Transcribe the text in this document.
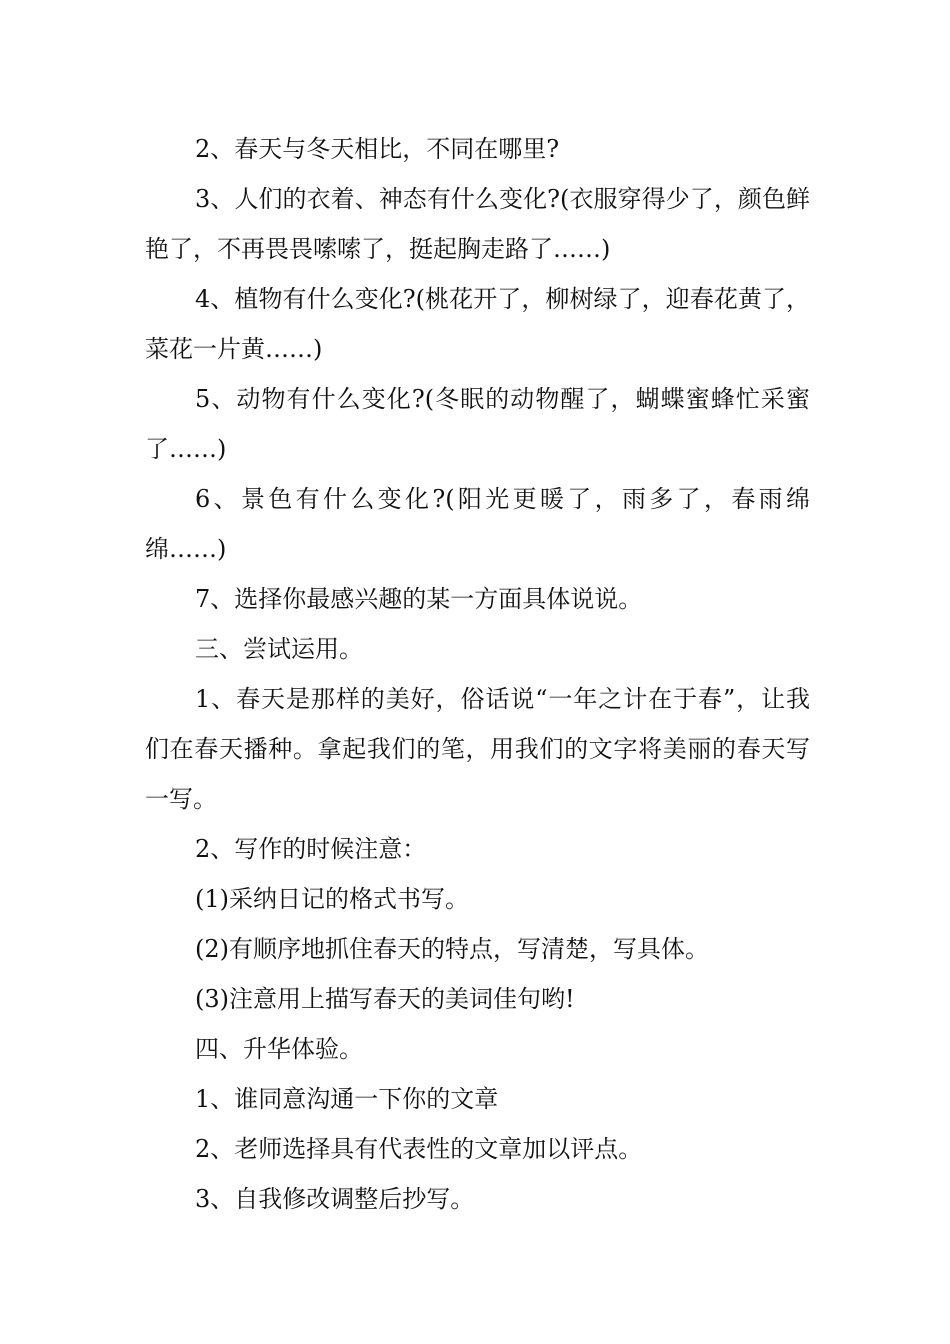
2、春天与冬天相比，不同在哪里?

3、人们的衣着、神态有什么变化?(衣服穿得少了，颜色鲜艳了，不再畏畏嗦嗦了，挺起胸走路了……)

4、植物有什么变化?(桃花开了，柳树绿了，迎春花黄了，菜花一片黄……)

5、动物有什么变化?(冬眠的动物醒了，蝴蝶蜜蜂忙采蜜了……)

6、景色有什么变化?(阳光更暖了，雨多了，春雨绵绵……)

7、选择你最感兴趣的某一方面具体说说。

三、尝试运用。

1、春天是那样的美好，俗话说“一年之计在于春”，让我们在春天播种。拿起我们的笔，用我们的文字将美丽的春天写一写。

2、写作的时候注意：

(1)采纳日记的格式书写。

(2)有顺序地抓住春天的特点，写清楚，写具体。

(3)注意用上描写春天的美词佳句哟!

四、升华体验。

1、谁同意沟通一下你的文章

2、老师选择具有代表性的文章加以评点。

3、自我修改调整后抄写。
